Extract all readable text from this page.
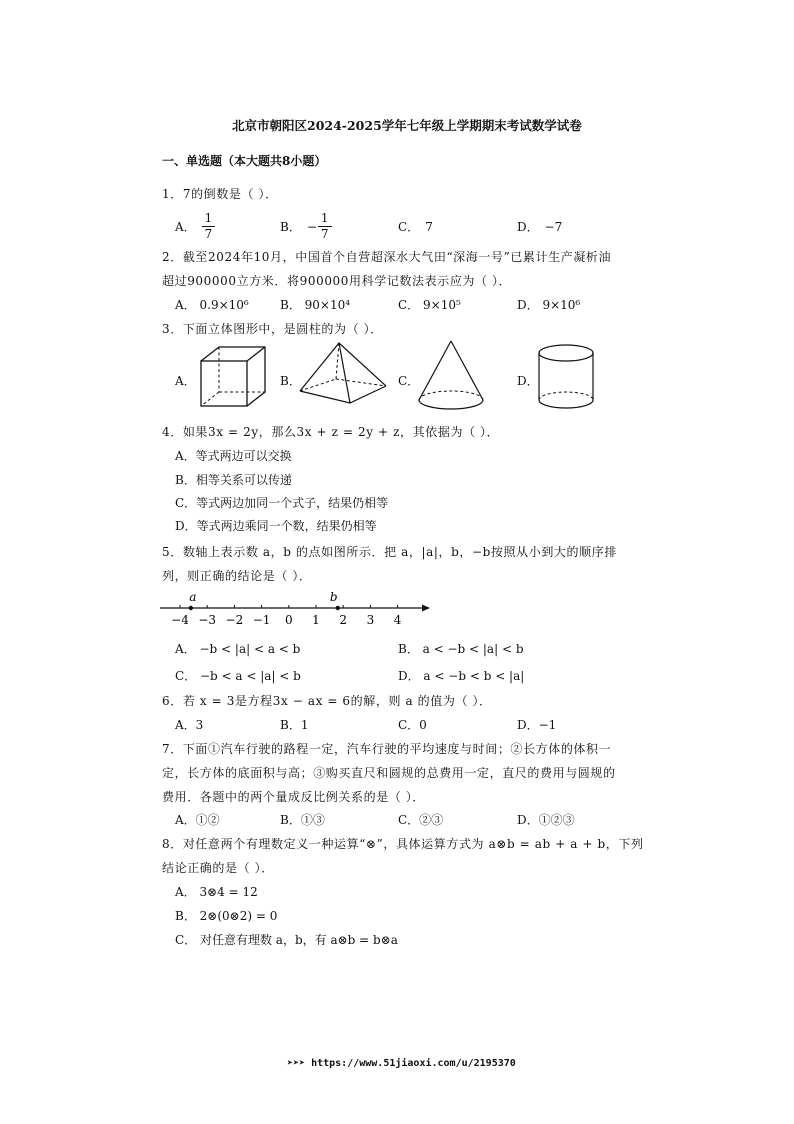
北京市朝阳区2024-2025学年七年级上学期期末考试数学试卷
一、单选题（本大题共8小题）
1．7的倒数是（ ）．
A． $\frac{1}{7}$	B． − $\frac{1}{7}$	C． 7	D． −7
2．截至2024年10月，中国首个自营超深水大气田“深海一号”已累计生产凝析油
超过900000立方米．将900000用科学记数法表示应为（ ）．
A． 0.9×10⁶	B． 90×10⁴	C． 9×10⁵	D． 9×10⁶
3．下面立体图形中，是圆柱的为（ ）．
A．	B．	C．	D．
4．如果3x = 2y，那么3x + z = 2y + z，其依据为（ ）．
A．等式两边可以交换
B．相等关系可以传递
C．等式两边加同一个式子，结果仍相等
D．等式两边乘同一个数，结果仍相等
5．数轴上表示数 a，b 的点如图所示．把 a，|a|，b，−b按照从小到大的顺序排
列，则正确的结论是（ ）．
−4 −3 −2 −1 0 1 2 3 4
a	b
A． −b < |a| < a < b	B． a < −b < |a| < b
C． −b < a < |a| < b	D． a < −b < b < |a|
6．若 x = 3是方程3x − ax = 6的解，则 a 的值为（ ）．
A．3	B．1	C．0	D．−1
7．下面①汽车行驶的路程一定，汽车行驶的平均速度与时间；②长方体的体积一
定，长方体的底面积与高；③购买直尺和圆规的总费用一定，直尺的费用与圆规的
费用．各题中的两个量成反比例关系的是（ ）．
A．①②	B．①③	C．②③	D．①②③
8．对任意两个有理数定义一种运算“⊗”，具体运算方式为 a⊗b = ab + a + b，下列
结论正确的是（ ）．
A． 3⊗4 = 12
B． 2⊗(0⊗2) = 0
C． 对任意有理数 a，b，有 a⊗b = b⊗a
➤➤➤ https://www.51jiaoxi.com/u/2195370
